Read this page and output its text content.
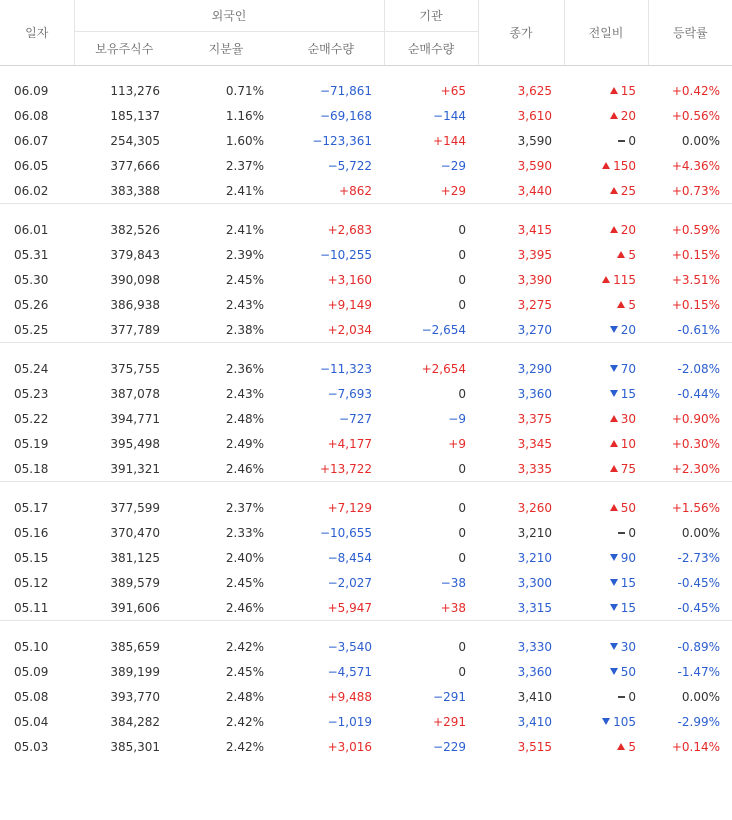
일자	외국인			기관	종가	전일비	등락률
	보유주식수	지분율	순매수량	순매수량			

06.09	113,276	0.71%	−71,861	+65	3,625	15	+0.42%
06.08	185,137	1.16%	−69,168	−144	3,610	20	+0.56%
06.07	254,305	1.60%	−123,361	+144	3,590	0	0.00%
06.05	377,666	2.37%	−5,722	−29	3,590	150	+4.36%
06.02	383,388	2.41%	+862	+29	3,440	25	+0.73%

06.01	382,526	2.41%	+2,683	0	3,415	20	+0.59%
05.31	379,843	2.39%	−10,255	0	3,395	5	+0.15%
05.30	390,098	2.45%	+3,160	0	3,390	115	+3.51%
05.26	386,938	2.43%	+9,149	0	3,275	5	+0.15%
05.25	377,789	2.38%	+2,034	−2,654	3,270	20	-0.61%

05.24	375,755	2.36%	−11,323	+2,654	3,290	70	-2.08%
05.23	387,078	2.43%	−7,693	0	3,360	15	-0.44%
05.22	394,771	2.48%	−727	−9	3,375	30	+0.90%
05.19	395,498	2.49%	+4,177	+9	3,345	10	+0.30%
05.18	391,321	2.46%	+13,722	0	3,335	75	+2.30%

05.17	377,599	2.37%	+7,129	0	3,260	50	+1.56%
05.16	370,470	2.33%	−10,655	0	3,210	0	0.00%
05.15	381,125	2.40%	−8,454	0	3,210	90	-2.73%
05.12	389,579	2.45%	−2,027	−38	3,300	15	-0.45%
05.11	391,606	2.46%	+5,947	+38	3,315	15	-0.45%

05.10	385,659	2.42%	−3,540	0	3,330	30	-0.89%
05.09	389,199	2.45%	−4,571	0	3,360	50	-1.47%
05.08	393,770	2.48%	+9,488	−291	3,410	0	0.00%
05.04	384,282	2.42%	−1,019	+291	3,410	105	-2.99%
05.03	385,301	2.42%	+3,016	−229	3,515	5	+0.14%
